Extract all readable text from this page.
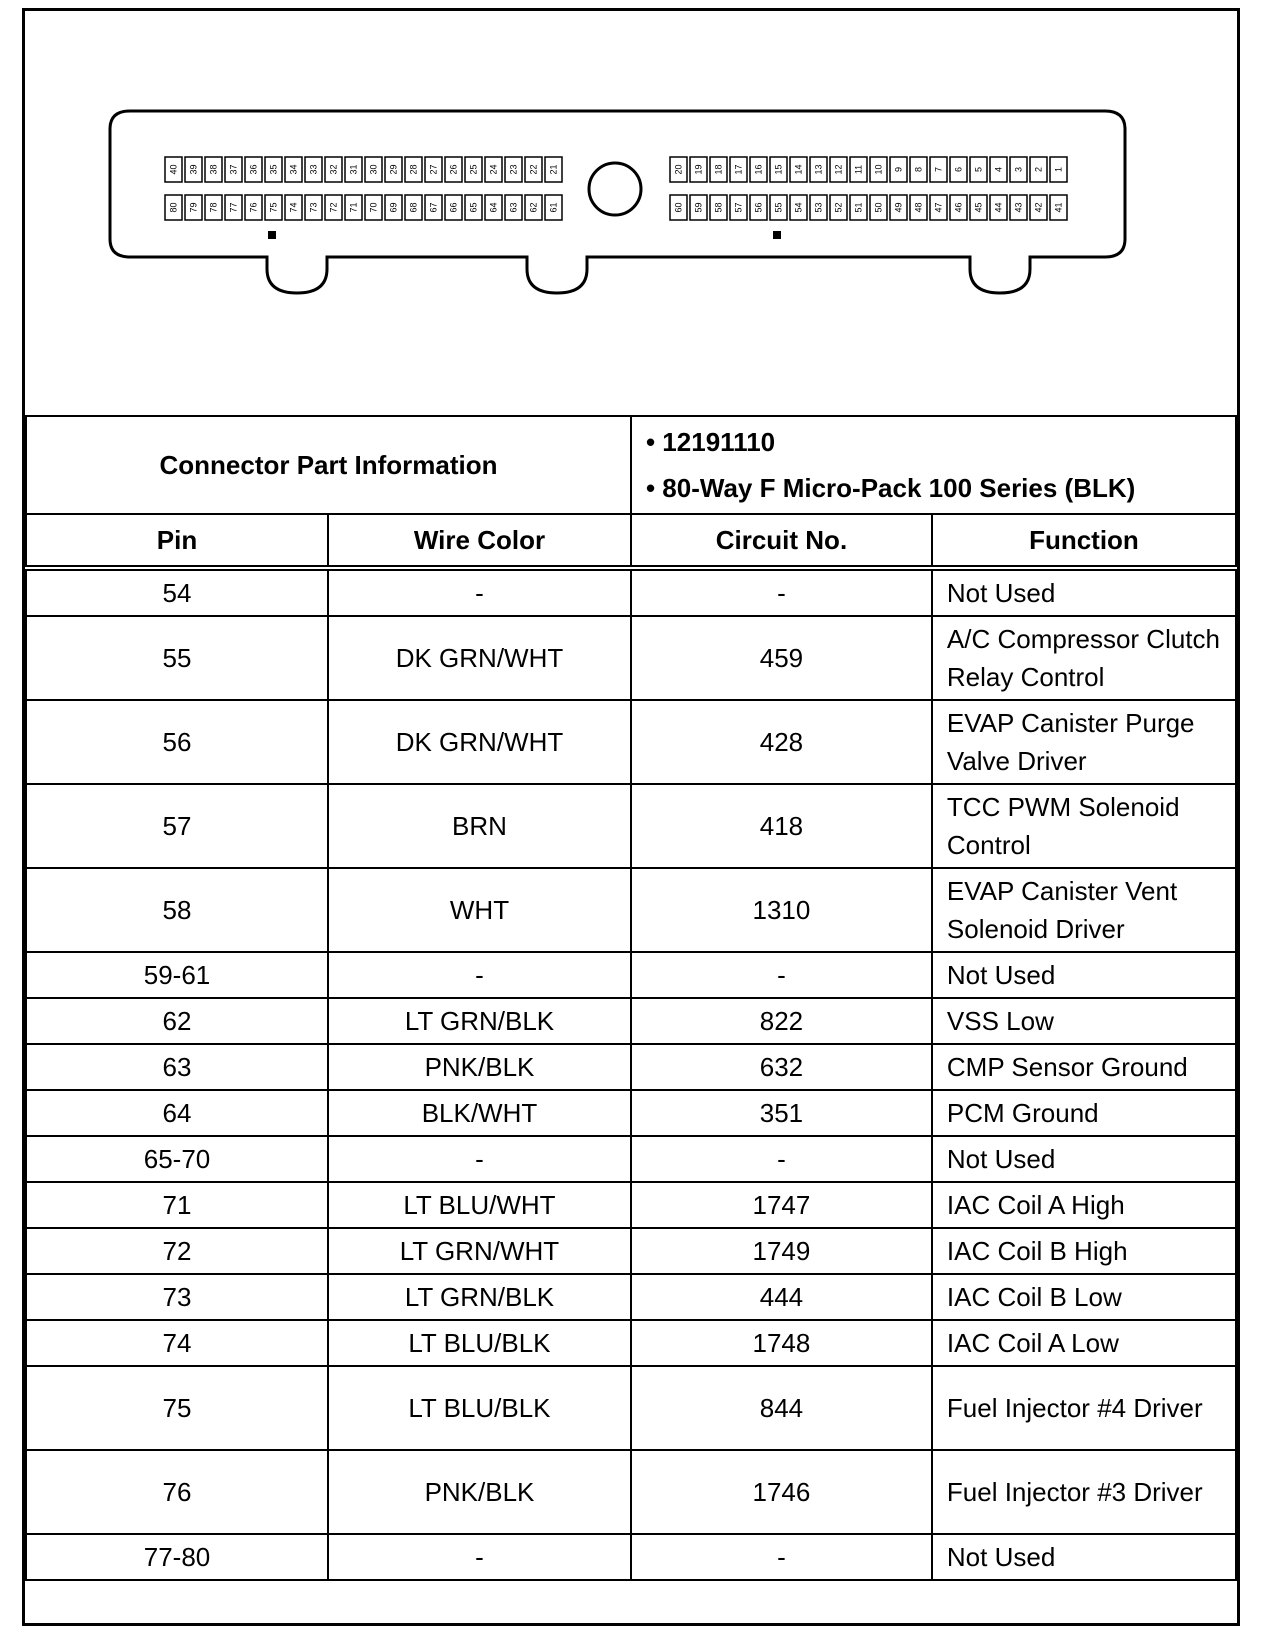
40 39 38 37 36 35 34 33 32 31 30 29 28 27 26 25 24 23 22 21
80 79 78 77 76 75 74 73 72 71 70 69 68 67 66 65 64 63 62 61
20 19 18 17 16 15 14 13 12 11 10 9 8 7 6 5 4 3 2 1
60 59 58 57 56 55 54 53 52 51 50 49 48 47 46 45 44 43 42 41
Connector Part Information		• 12191110
• 80-Way F Micro-Pack 100 Series (BLK)	

Pin	Wire Color	Circuit No.	Function
54	-	-	Not Used
55	DK GRN/WHT	459	A/C Compressor Clutch Relay Control
56	DK GRN/WHT	428	EVAP Canister Purge Valve Driver
57	BRN	418	TCC PWM Solenoid Control
58	WHT	1310	EVAP Canister Vent Solenoid Driver
59-61	-	-	Not Used
62	LT GRN/BLK	822	VSS Low
63	PNK/BLK	632	CMP Sensor Ground
64	BLK/WHT	351	PCM Ground
65-70	-	-	Not Used
71	LT BLU/WHT	1747	IAC Coil A High
72	LT GRN/WHT	1749	IAC Coil B High
73	LT GRN/BLK	444	IAC Coil B Low
74	LT BLU/BLK	1748	IAC Coil A Low
75	LT BLU/BLK	844	Fuel Injector #4 Driver
76	PNK/BLK	1746	Fuel Injector #3 Driver
77-80	-	-	Not Used
